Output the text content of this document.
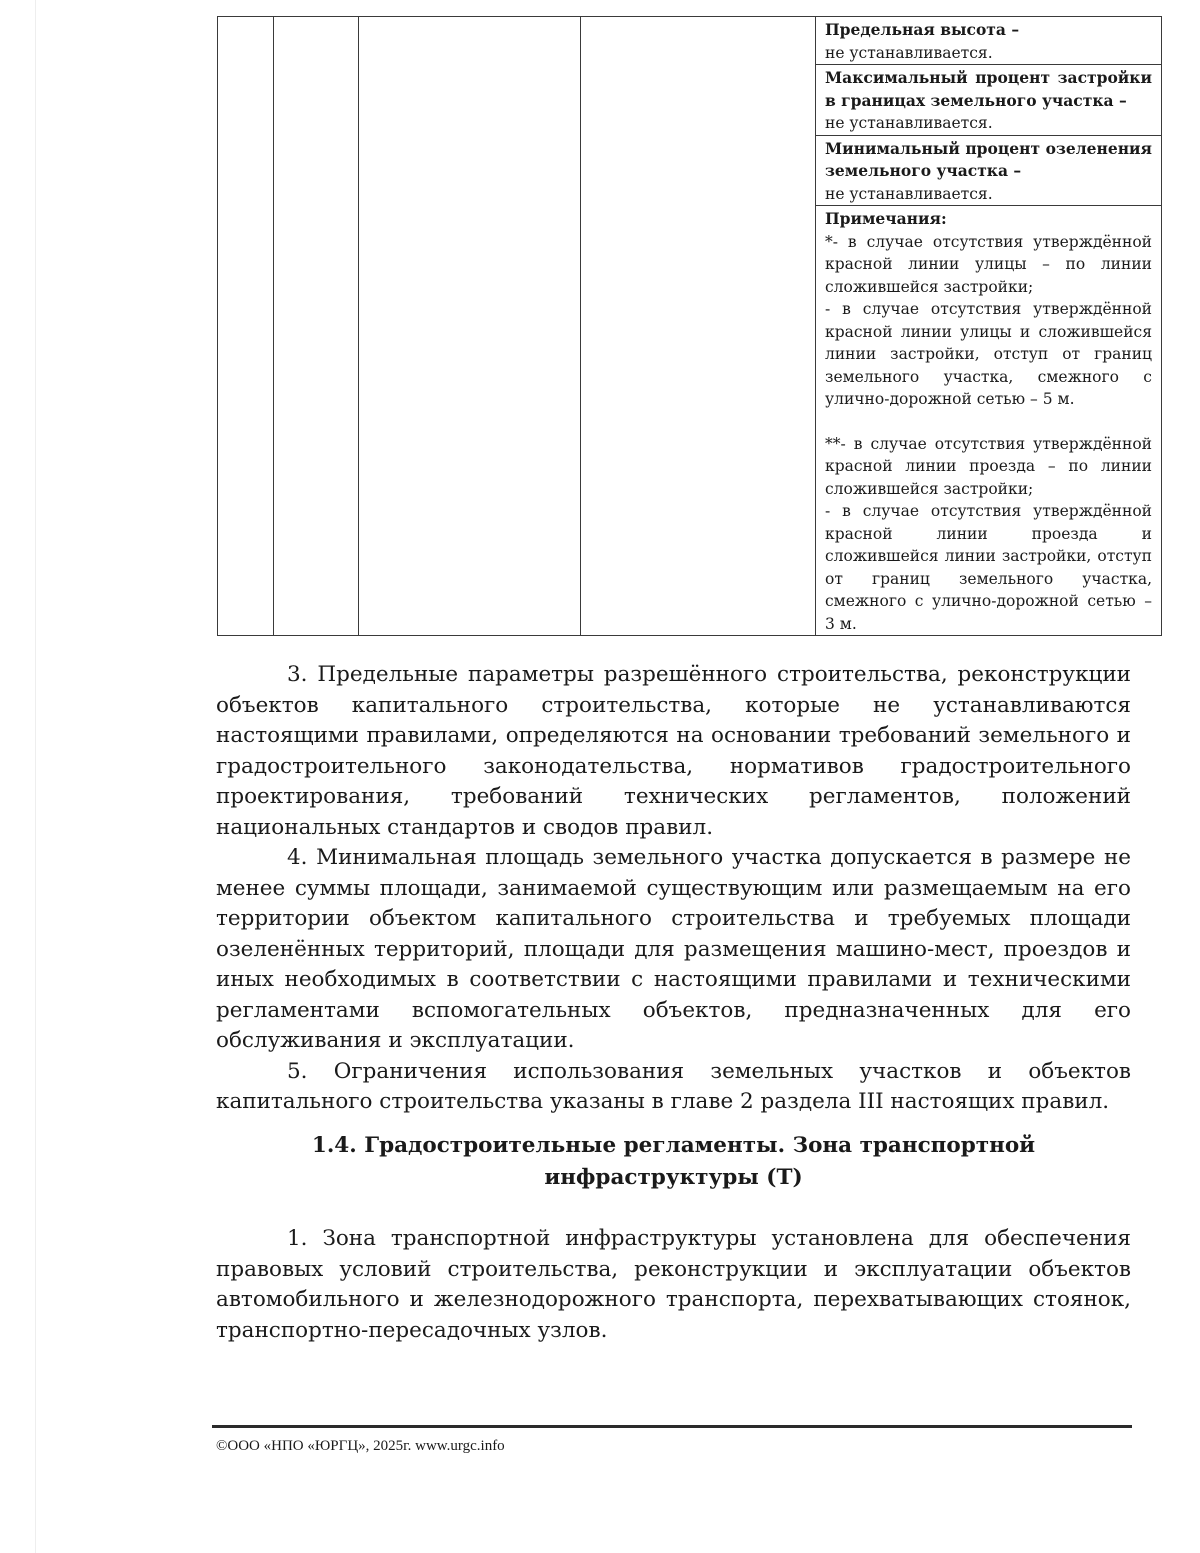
Предельная высота –
не устанавливается.

Максимальный процент застройки в границах земельного участка –
не устанавливается.

Минимальный процент озеленения земельного участка –
не устанавливается.

Примечания:
*- в случае отсутствия утверждённой красной линии улицы – по линии сложившейся застройки;
- в случае отсутствия утверждённой красной линии улицы и сложившейся линии застройки, отступ от границ земельного участка, смежного с улично-дорожной сетью – 5 м.
**- в случае отсутствия утверждённой красной линии проезда – по линии сложившейся застройки;
- в случае отсутствия утверждённой красной линии проезда и сложившейся линии застройки, отступ от границ земельного участка, смежного с улично-дорожной сетью – 3 м.

3. Предельные параметры разрешённого строительства, реконструкции объектов капитального строительства, которые не устанавливаются настоящими правилами, определяются на основании требований земельного и градостроительного законодательства, нормативов градостроительного проектирования, требований технических регламентов, положений национальных стандартов и сводов правил.

4. Минимальная площадь земельного участка допускается в размере не менее суммы площади, занимаемой существующим или размещаемым на его территории объектом капитального строительства и требуемых площади озеленённых территорий, площади для размещения машино-мест, проездов и иных необходимых в соответствии с настоящими правилами и техническими регламентами вспомогательных объектов, предназначенных для его обслуживания и эксплуатации.

5. Ограничения использования земельных участков и объектов капитального строительства указаны в главе 2 раздела III настоящих правил.

1.4. Градостроительные регламенты. Зона транспортной
инфраструктуры (Т)

1. Зона транспортной инфраструктуры установлена для обеспечения правовых условий строительства, реконструкции и эксплуатации объектов автомобильного и железнодорожного транспорта, перехватывающих стоянок, транспортно-пересадочных узлов.

©ООО «НПО «ЮРГЦ», 2025г. www.urgc.info
